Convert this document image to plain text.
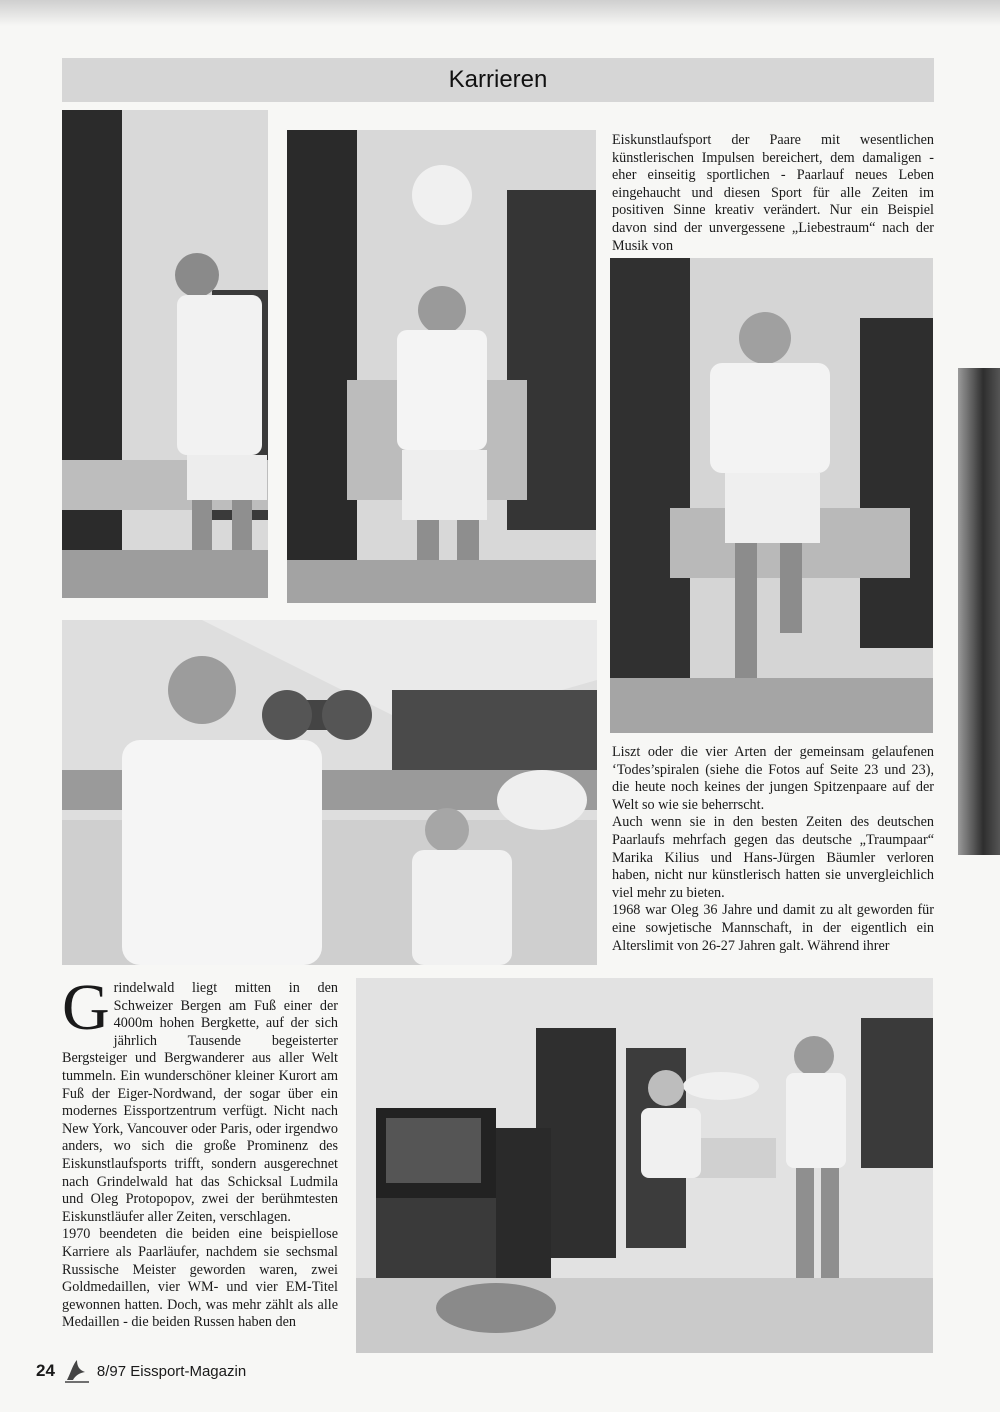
Karrieren

Eiskunstlaufsport der Paare mit wesentlichen künstlerischen Impulsen bereichert, dem damaligen - eher einseitig sportlichen - Paarlauf neues Leben eingehaucht und diesen Sport für alle Zeiten im positiven Sinne kreativ verändert. Nur ein Beispiel davon sind der unvergessene „Liebestraum“ nach der Musik von

Liszt oder die vier Arten der gemeinsam gelaufenen ‘Todes’spiralen (siehe die Fotos auf Seite 23 und 23), die heute noch keines der jungen Spitzenpaare auf der Welt so wie sie beherrscht.

Auch wenn sie in den besten Zeiten des deutschen Paarlaufs mehrfach gegen das deutsche „Traumpaar“ Marika Kilius und Hans-Jürgen Bäumler verloren haben, nicht nur künstlerisch hatten sie unvergleichlich viel mehr zu bieten.

1968 war Oleg 36 Jahre und damit zu alt geworden für eine sowjetische Mannschaft, in der eigentlich ein Alterslimit von 26-27 Jahren galt. Während ihrer

Grindelwald liegt mitten in den Schweizer Bergen am Fuß einer der 4000m hohen Bergkette, auf der sich jährlich Tausende begeisterter Bergsteiger und Bergwanderer aus aller Welt tummeln. Ein wunderschöner kleiner Kurort am Fuß der Eiger-Nordwand, der sogar über ein modernes Eissportzentrum verfügt. Nicht nach New York, Vancouver oder Paris, oder irgendwo anders, wo sich die große Prominenz des Eiskunstlaufsports trifft, sondern ausgerechnet nach Grindelwald hat das Schicksal Ludmila und Oleg Protopopov, zwei der berühmtesten Eiskunstläufer aller Zeiten, verschlagen.

1970 beendeten die beiden eine beispiellose Karriere als Paarläufer, nachdem sie sechsmal Russische Meister geworden waren, zwei Goldmedaillen, vier WM- und vier EM-Titel gewonnen hatten. Doch, was mehr zählt als alle Medaillen - die beiden Russen haben den

24	8/97 Eissport-Magazin
